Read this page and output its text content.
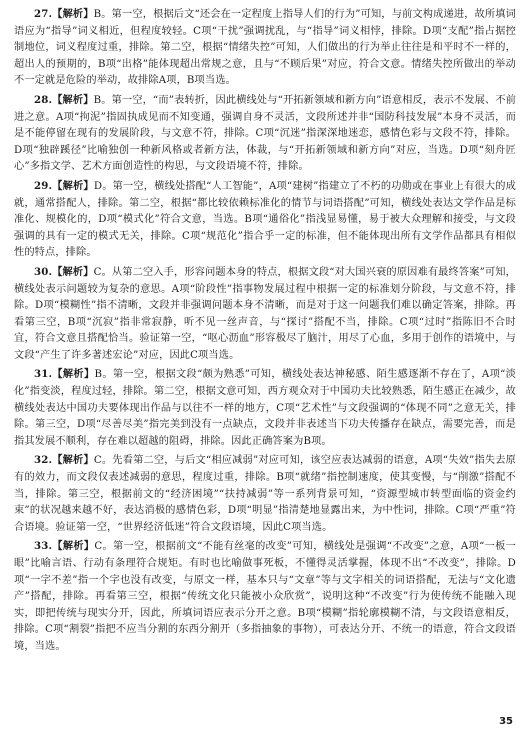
27.【解析】B。第一空，根据后文“还会在一定程度上指导人们的行为”可知，与前文构成递进，故所填词语应为“指导”词义相近，但程度较轻。C项“干扰”强调扰乱，与“指导”词义相悖，排除。D项“支配”指占据控制地位，词义程度过重，排除。第二空，根据“情绪失控”可知，人们做出的行为举止往往是和平时不一样的，超出人的预期的，B项“出格”能体现超出常规之意，且与“不顾后果”对应，符合文意。情绪失控所做出的举动不一定就是危险的举动，故排除A项，B项当选。

28.【解析】B。第一空，“而”表转折，因此横线处与“开拓新领域和新方向”语意相反，表示不发展、不前进之意。A项“拘泥”指固执成见而不知变通，强调自身不灵活，文段所述并非“国防科技发展”本身不灵活，而是不能停留在现有的发展阶段，与文意不符，排除。C项“沉迷”指深深地迷恋，感情色彩与文段不符，排除。D项“独辟蹊径”比喻独创一种新风格或者新方法，体裁，与“开拓新领域和新方向”对应，当选。D项“刻舟匠心”多指文学、艺术方面创造性的构思，与文段语境不符，排除。

29.【解析】D。第一空，横线处搭配“人工智能”，A项“建树”指建立了不朽的功勋或在事业上有很大的成就，通常搭配人，排除。第二空，根据“都比较依赖标准化的情节与词语搭配”可知，横线处表达文学作品是标准化、规模化的，D项“模式化”符合文意，当选。B项“通俗化”指浅显易懂，易于被大众理解和接受，与文段强调的具有一定的模式无关，排除。C项“规范化”指合乎一定的标准，但不能体现出所有文学作品都具有相似性的特点，排除。

30.【解析】C。从第二空入手，形容问题本身的特点，根据文段“对大国兴衰的原因难有最终答案”可知，横线处表示问题较为复杂的意思。A项“阶段性”指事物发展过程中根据一定的标准划分阶段，与文意不符，排除。D项“模糊性”指不清晰，文段并非强调问题本身不清晰，而是对于这一问题我们难以确定答案，排除。再看第三空，B项“沉寂”指非常寂静，听不见一丝声音，与“探讨”搭配不当，排除。C项“过时”指陈旧不合时宜，符合文意且搭配恰当。验证第一空，“呕心沥血”形容极尽了脑汁，用尽了心血，多用于创作的语境中，与文段“产生了许多著述宏论”对应，因此C项当选。

31.【解析】B。第一空，根据文段“颇为熟悉”可知，横线处表达神秘感、陌生感逐渐不存在了，A项“淡化”指变淡，程度过轻，排除。第二空，根据文意可知，西方观众对于中国功夫比较熟悉，陌生感正在减少，故横线处表达中国功夫要体现出作品与以往不一样的地方，C项“艺术性”与文段强调的“体现不同”之意无关，排除。第三空，D项“尽善尽美”指完美到没有一点缺点，文段并非表述当下功夫传播存在缺点，需要完善，而是指其发展不顺利，存在难以超越的阻碍，排除。因此正确答案为B项。

32.【解析】C。先看第二空，与后文“相应减弱”对应可知，该空应表达减弱的语意，A项“失效”指失去原有的效力，而文段仅表述减弱的意思，程度过重，排除。B项“就绪”指控制速度，使其变慢，与“削激”搭配不当，排除。第三空，根据前文的“经济困境”“扶持减弱”等一系列背景可知，“资源型城市转型面临的资金约束”的状况越来越不好，表达消极的感情色彩，D项“明显”指清楚地显露出来，为中性词，排除。C项“严重”符合语境。验证第一空，“世界经济低迷”符合文段语境，因此C项当选。

33.【解析】C。第一空，根据前文“不能有丝毫的改变”可知，横线处是强调“不改变”之意，A项“一板一眼”比喻言语、行动有条理符合规矩。有时也比喻做事死板，不懂得灵活掌握，体现不出“不改变”，排除。D项“一字不差”指一个字也没有改变，与原文一样，基本只与“文章”等与文字相关的词语搭配，无法与“文化遗产”搭配，排除。再看第三空，根据“传统文化只能被小众欣赏”，说明这种“不改变”行为使传统不能融入现实，即把传统与现实分开，因此，所填词语应表示分开之意。B项“模糊”指轮廓模糊不清，与文段语意相反，排除。C项“割裂”指把不应当分割的东西分割开（多指抽象的事物），可表达分开、不统一的语意，符合文段语境，当选。

35
